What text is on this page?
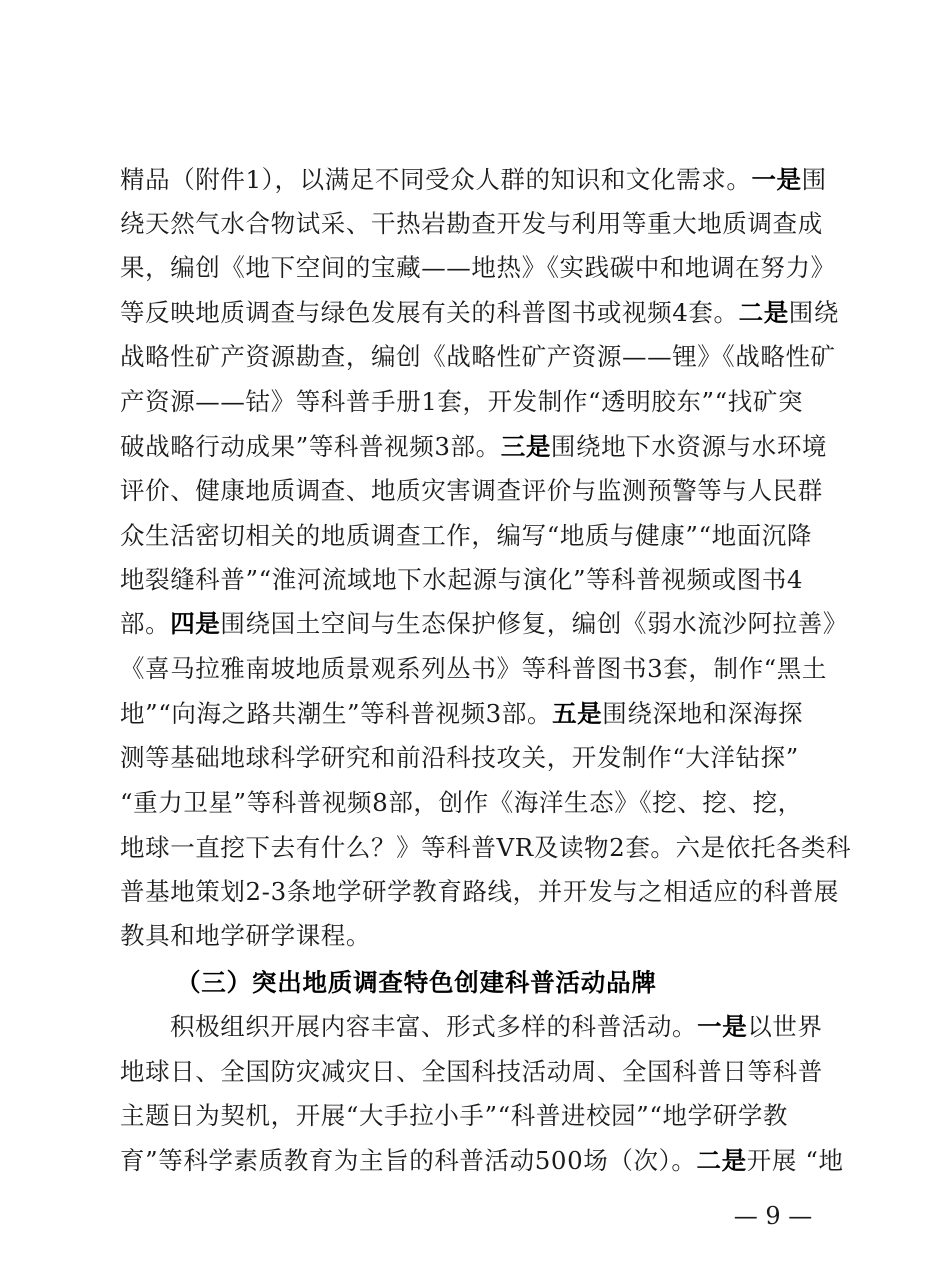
精品（附件1），以满足不同受众人群的知识和文化需求。一是围
绕天然气水合物试采、干热岩勘查开发与利用等重大地质调查成
果，编创《地下空间的宝藏——地热》《实践碳中和地调在努力》
等反映地质调查与绿色发展有关的科普图书或视频4套。二是围绕
战略性矿产资源勘查，编创《战略性矿产资源——锂》《战略性矿
产资源——钴》等科普手册1套，开发制作“透明胶东”“找矿突
破战略行动成果”等科普视频3部。三是围绕地下水资源与水环境
评价、健康地质调查、地质灾害调查评价与监测预警等与人民群
众生活密切相关的地质调查工作，编写“地质与健康”“地面沉降
地裂缝科普”“淮河流域地下水起源与演化”等科普视频或图书4
部。四是围绕国土空间与生态保护修复，编创《弱水流沙阿拉善》
《喜马拉雅南坡地质景观系列丛书》等科普图书3套，制作“黑土
地”“向海之路共潮生”等科普视频3部。五是围绕深地和深海探
测等基础地球科学研究和前沿科技攻关，开发制作“大洋钻探”
“重力卫星”等科普视频8部，创作《海洋生态》《挖、挖、挖，
地球一直挖下去有什么？》等科普VR及读物2套。六是依托各类科
普基地策划2-3条地学研学教育路线，并开发与之相适应的科普展
教具和地学研学课程。
（三）突出地质调查特色创建科普活动品牌
积极组织开展内容丰富、形式多样的科普活动。一是以世界
地球日、全国防灾减灾日、全国科技活动周、全国科普日等科普
主题日为契机，开展“大手拉小手”“科普进校园”“地学研学教
育”等科学素质教育为主旨的科普活动500场（次）。二是开展 “地
— 9 —
